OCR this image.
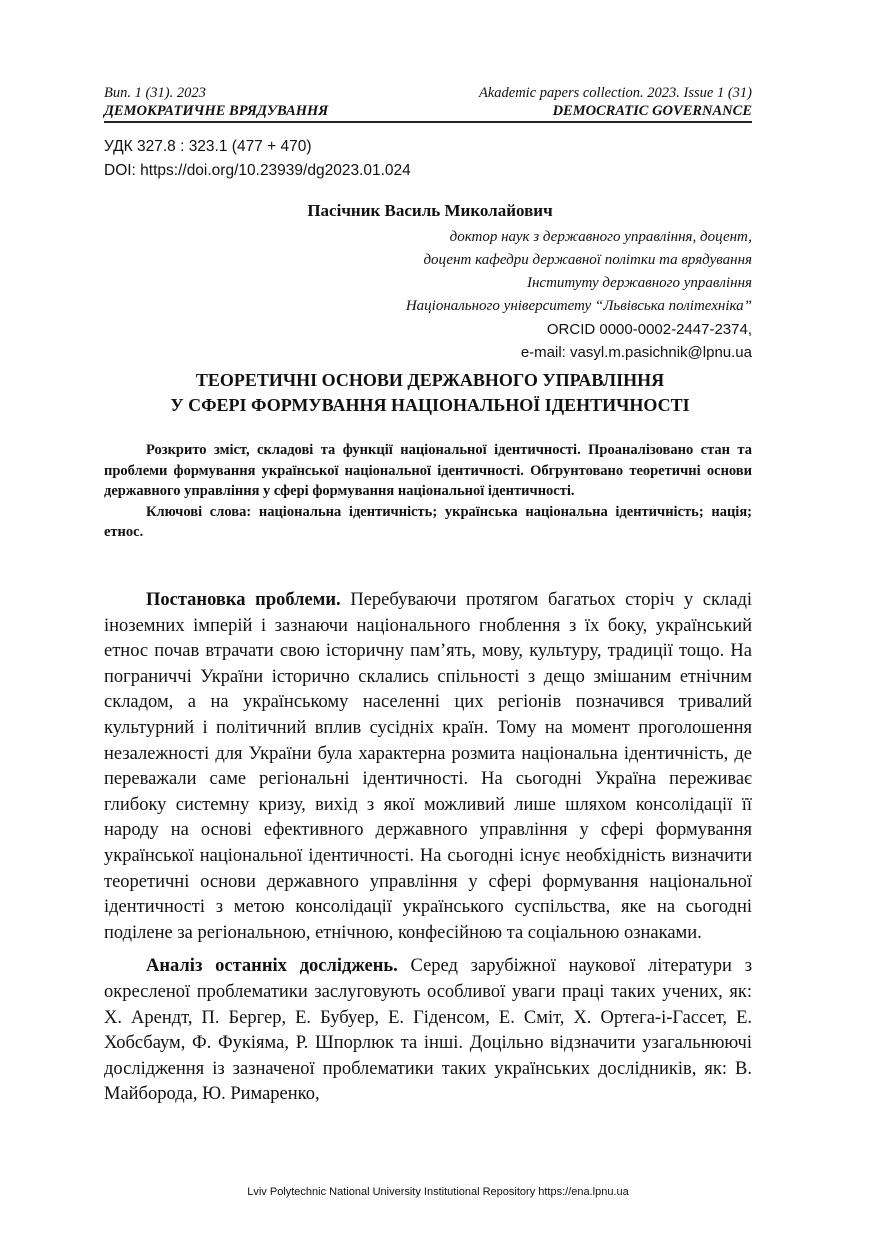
Вип. 1 (31). 2023
ДЕМОКРАТИЧНЕ ВРЯДУВАННЯ
Akademic papers collection. 2023. Issue 1 (31)
DEMOCRATIC GOVERNANCE
УДК 327.8 : 323.1 (477 + 470)
DOI: https://doi.org/10.23939/dg2023.01.024
Пасічник Василь Миколайович
доктор наук з державного управління, доцент,
доцент кафедри державної політки та врядування
Інституту державного управління
Національного університету “Львівська політехніка”
ORCID 0000-0002-2447-2374,
e-mail: vasyl.m.pasichnik@lpnu.ua
ТЕОРЕТИЧНІ ОСНОВИ ДЕРЖАВНОГО УПРАВЛІННЯ
У СФЕРІ ФОРМУВАННЯ НАЦІОНАЛЬНОЇ ІДЕНТИЧНОСТІ

Розкрито зміст, складові та функції національної ідентичності. Проаналізовано стан та проблеми формування української національної ідентичності. Обгрунтовано теоретичні основи державного управління у сфері формування національної ідентичності.

Ключові слова: національна ідентичність; українська національна ідентичність; нація; етнос.

Постановка проблеми. Перебуваючи протягом багатьох сторіч у складі іноземних імперій і зазнаючи національного гноблення з їх боку, український етнос почав втрачати свою історичну пам’ять, мову, культуру, традиції тощо. На пограниччі України історично склались спільності з дещо змішаним етнічним складом, а на українському населенні цих регіонів позначився тривалий культурний і політичний вплив сусідніх країн. Тому на момент проголошення незалежності для України була характерна розмита національна ідентичність, де переважали саме регіональні ідентичності. На сьогодні Україна переживає глибоку системну кризу, вихід з якої можливий лише шляхом консолідації її народу на основі ефективного державного управління у сфері формування української національної ідентичності. На сьогодні існує необхідність визначити теоретичні основи державного управління у сфері формування національної ідентичності з метою консолідації українського суспільства, яке на сьогодні поділене за регіональною, етнічною, конфесійною та соціальною ознаками.

Аналіз останніх досліджень. Серед зарубіжної наукової літератури з окресленої проблематики заслуговують особливої уваги праці таких учених, як: Х. Арендт, П. Бергер, Е. Бубуер, Е. Гіденсом, Е. Сміт, Х. Ортега-і-Гассет, Е. Хобсбаум, Ф. Фукіяма, Р. Шпорлюк та інші. Доцільно відзначити узагальнюючі дослідження із зазначеної проблематики таких українських дослідників, як: В. Майборода, Ю. Римаренко,

Lviv Polytechnic National University Institutional Repository https://ena.lpnu.ua
